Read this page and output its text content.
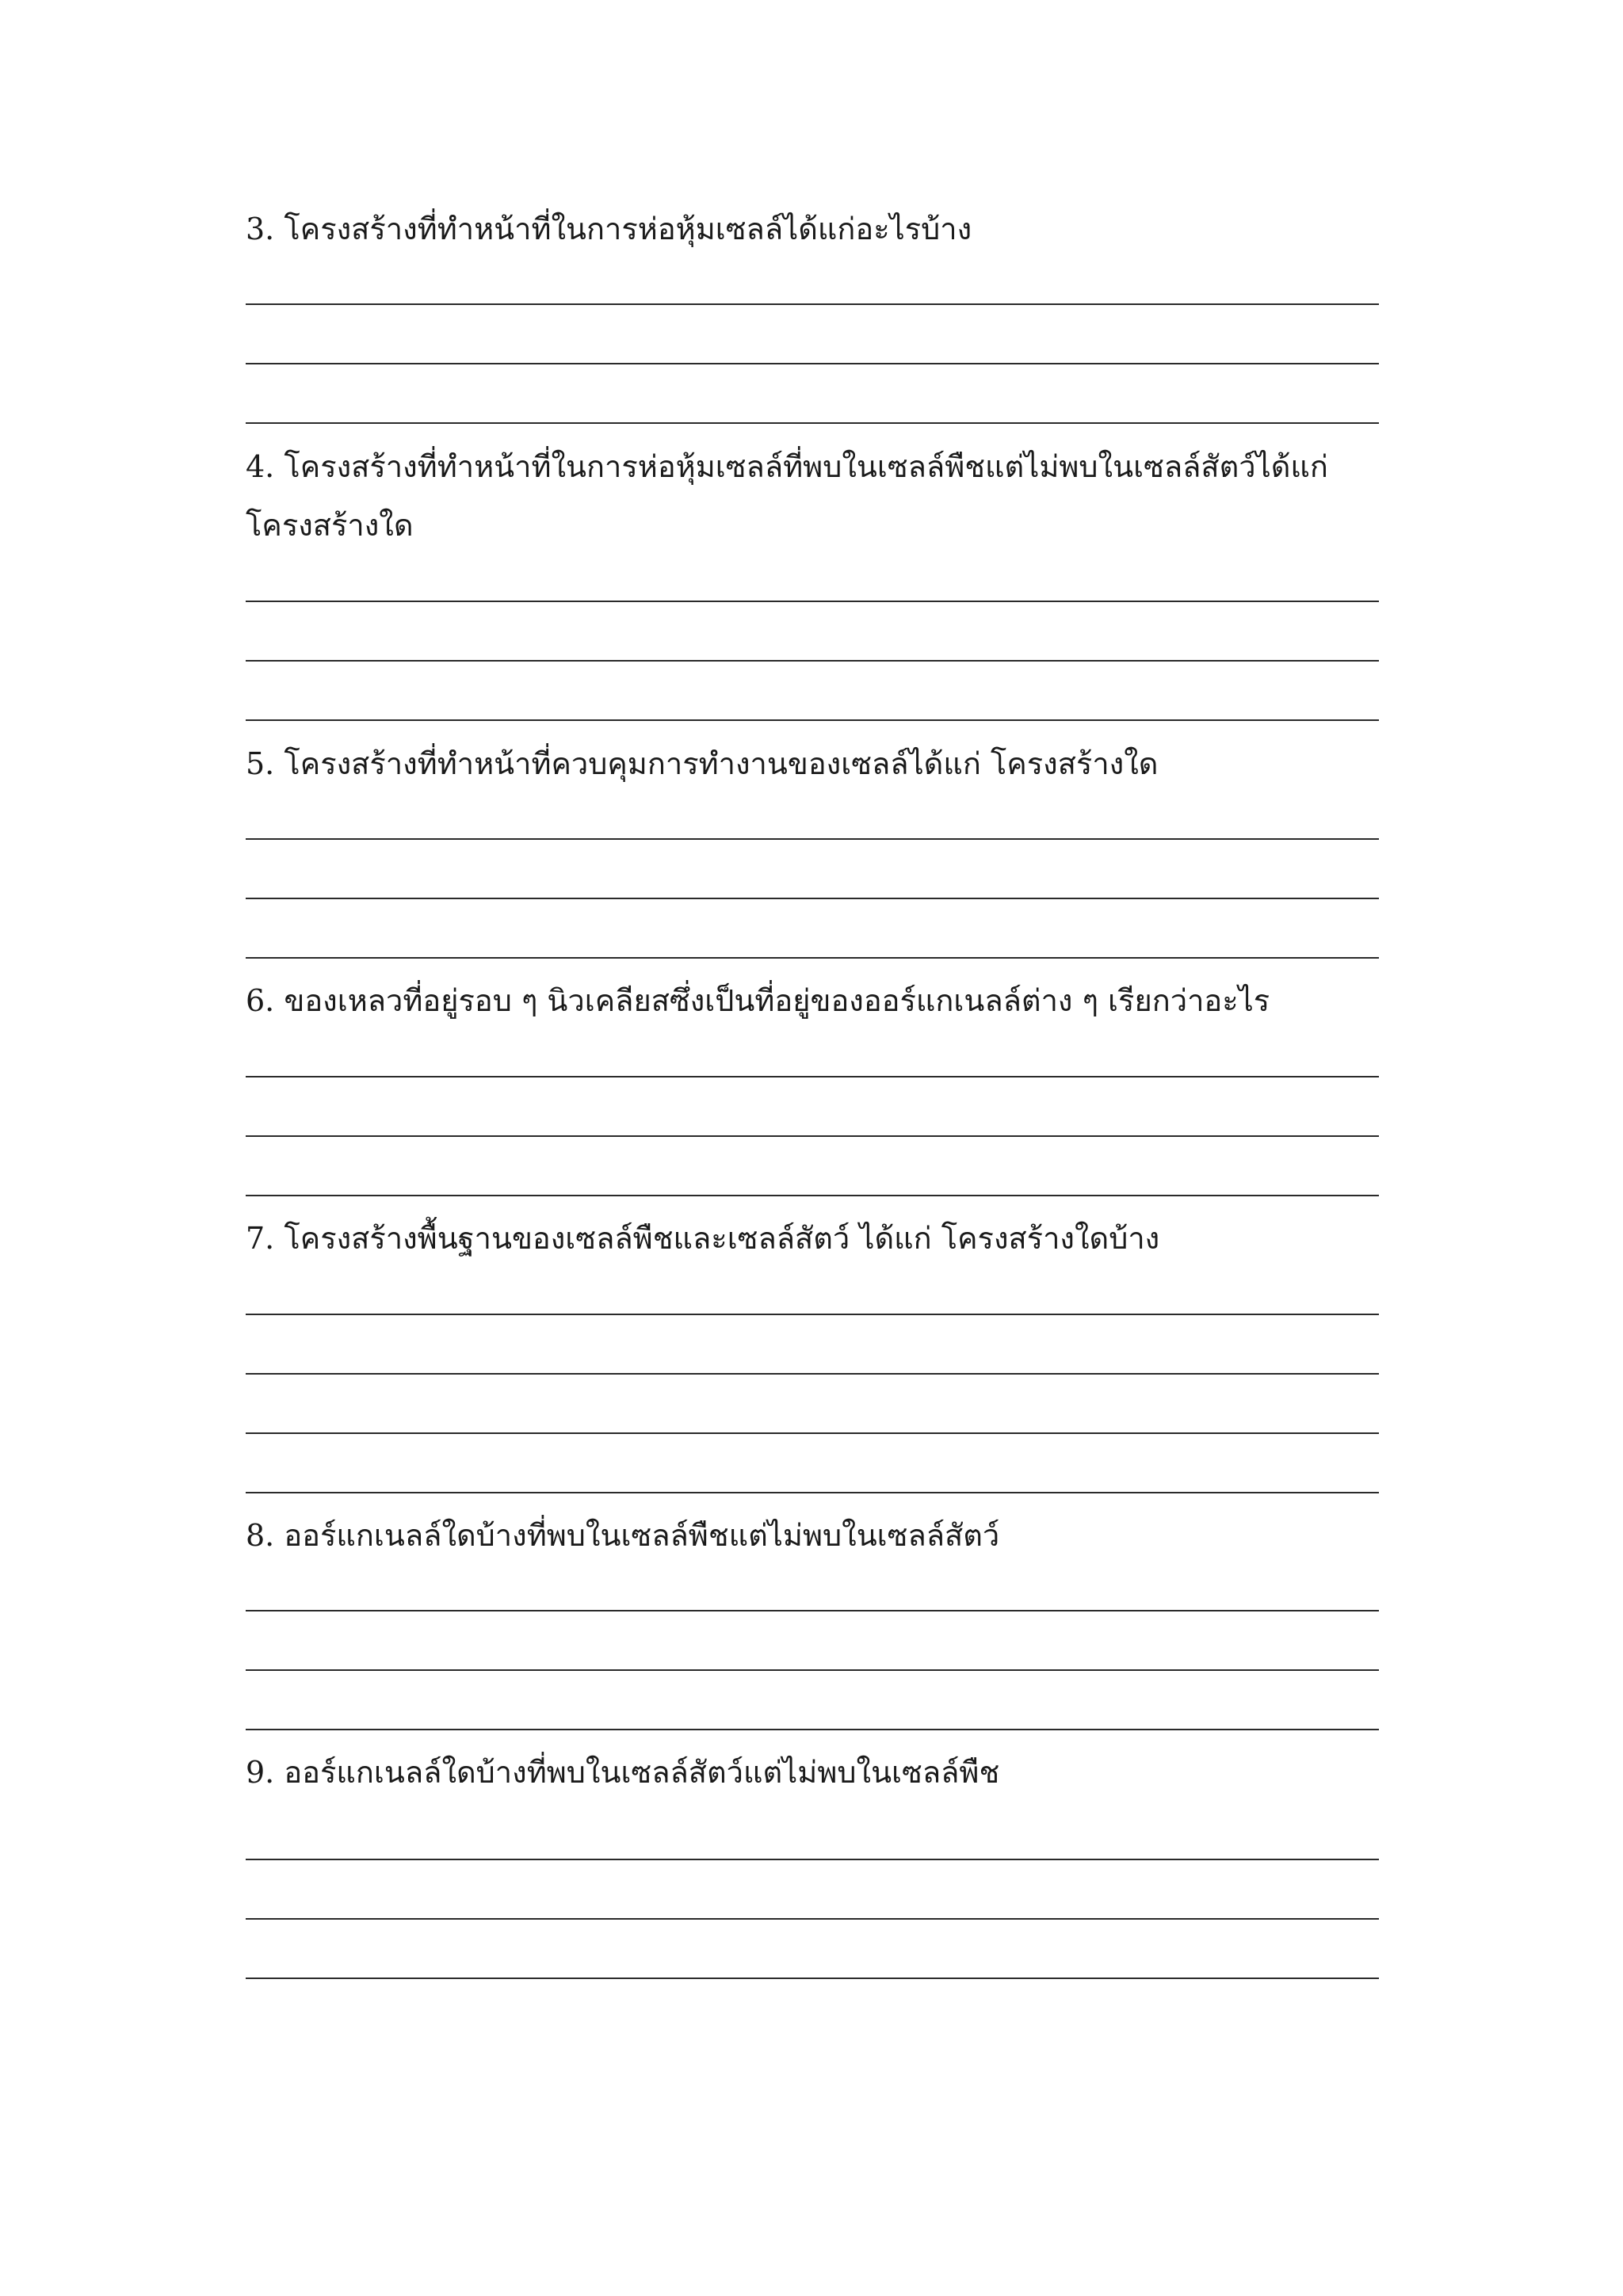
3. โครงสร้างที่ทำหน้าที่ในการห่อหุ้มเซลล์ได้แก่อะไรบ้าง

4. โครงสร้างที่ทำหน้าที่ในการห่อหุ้มเซลล์ที่พบในเซลล์พืชแต่ไม่พบในเซลล์สัตว์ได้แก่โครงสร้างใด

5. โครงสร้างที่ทำหน้าที่ควบคุมการทำงานของเซลล์ได้แก่ โครงสร้างใด

6. ของเหลวที่อยู่รอบ ๆ นิวเคลียสซึ่งเป็นที่อยู่ของออร์แกเนลล์ต่าง ๆ เรียกว่าอะไร

7. โครงสร้างพื้นฐานของเซลล์พืชและเซลล์สัตว์ ได้แก่ โครงสร้างใดบ้าง

8. ออร์แกเนลล์ใดบ้างที่พบในเซลล์พืชแต่ไม่พบในเซลล์สัตว์

9. ออร์แกเนลล์ใดบ้างที่พบในเซลล์สัตว์แต่ไม่พบในเซลล์พืช
